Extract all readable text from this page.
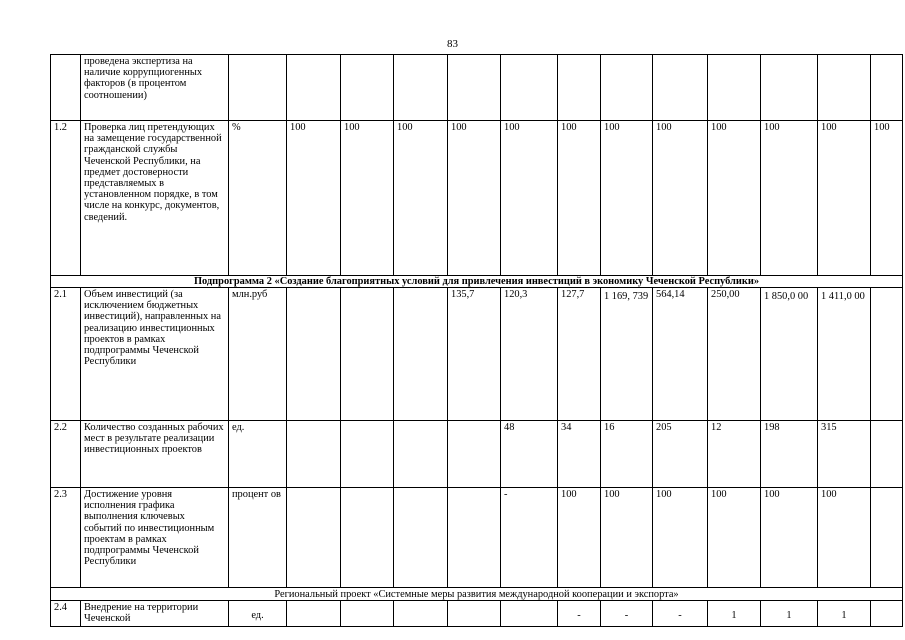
83
	проведена экспертиза на наличие коррупциогенных факторов (в процентом соотношении)													
1.2	Проверка лиц претендующих на замещение государственной гражданской службы Чеченской Республики, на предмет достоверности представляемых в установленном порядке, в том числе на конкурс, документов, сведений.	%	100	100	100	100	100	100	100	100	100	100	100	100
Подпрограмма 2 «Создание благоприятных условий для привлечения инвестиций в экономику Чеченской Республики»														
2.1	Объем инвестиций (за исключением бюджетных инвестиций), направленных на реализацию инвестиционных проектов в рамках подпрограммы Чеченской Республики	млн.руб				135,7	120,3	127,7	1 169, 739	564,14	250,00	1 850,0 00	1 411,0 00	
2.2	Количество созданных рабочих мест в результате реализации инвестиционных проектов	ед.					48	34	16	205	12	198	315	
2.3	Достижение уровня исполнения графика выполнения ключевых событий по инвестиционным проектам в рамках подпрограммы Чеченской Республики	процент ов					-	100	100	100	100	100	100	
Региональный проект «Системные меры развития международной кооперации и экспорта»														
2.4	Внедрение на территории Чеченской	ед.						-	-	-	1	1	1	
